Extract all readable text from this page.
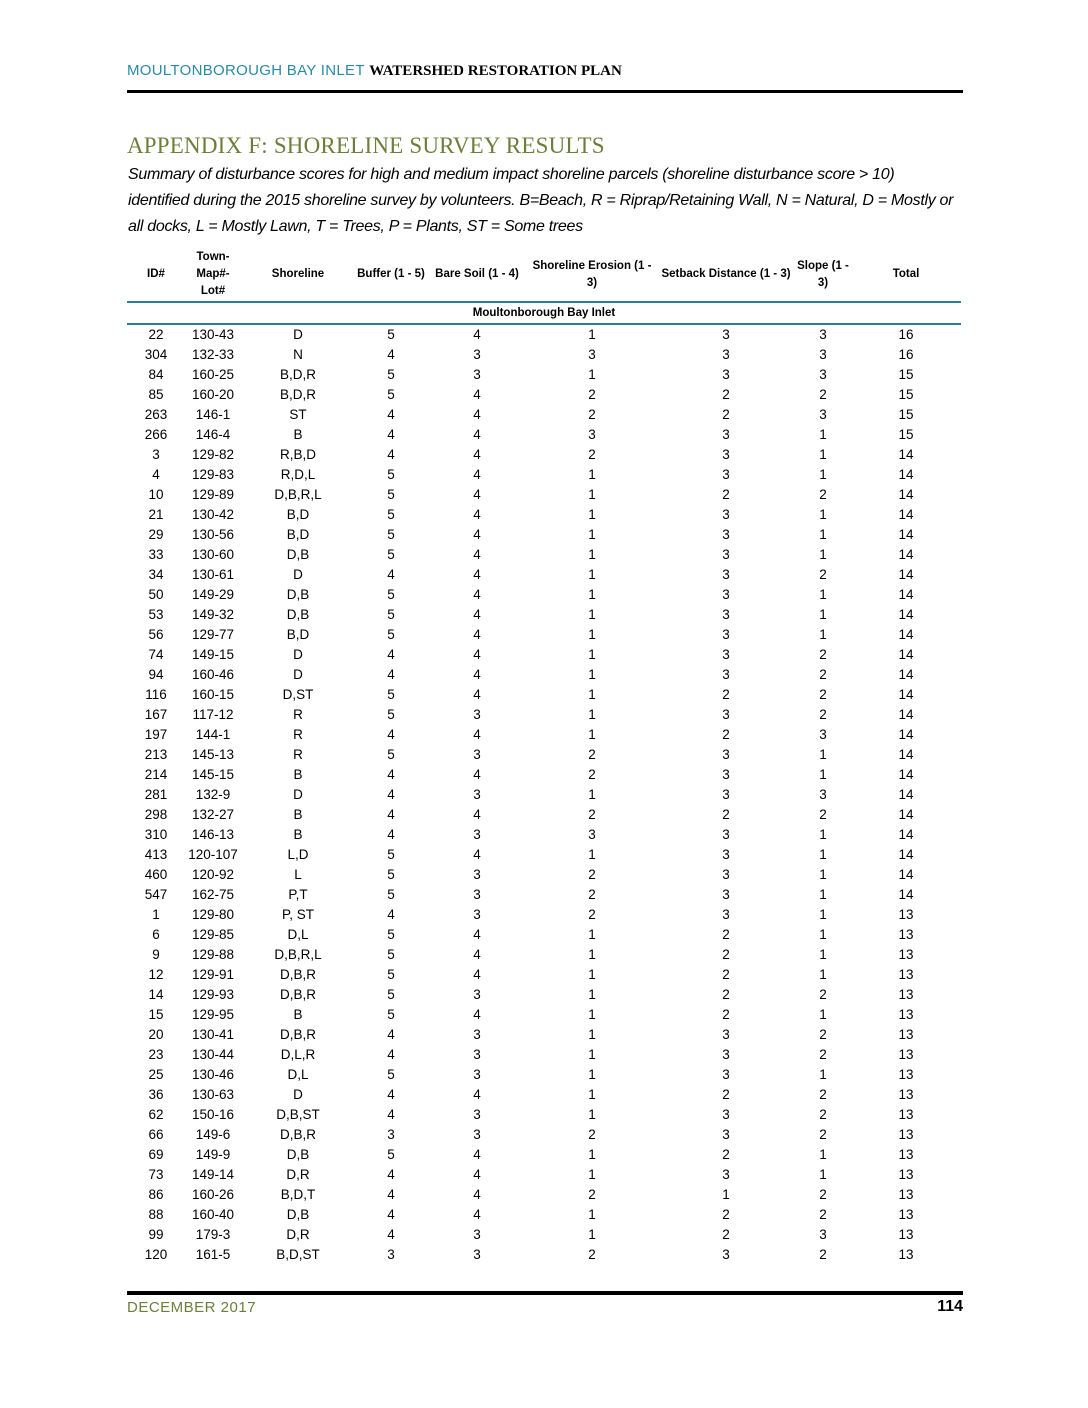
MOULTONBOROUGH BAY INLET WATERSHED RESTORATION PLAN
APPENDIX F: SHORELINE SURVEY RESULTS
Summary of disturbance scores for high and medium impact shoreline parcels (shoreline disturbance score > 10) identified during the 2015 shoreline survey by volunteers. B=Beach, R = Riprap/Retaining Wall, N = Natural, D = Mostly or all docks, L = Mostly Lawn, T = Trees, P = Plants, ST = Some trees
ID#	Town-Map#-Lot#	Shoreline	Buffer (1 - 5)	Bare Soil (1 - 4)	Shoreline Erosion (1 - 3)	Setback Distance (1 - 3)	Slope (1 - 3)	Total
Moultonborough Bay Inlet								
22	130-43	D	5	4	1	3	3	16
304	132-33	N	4	3	3	3	3	16
84	160-25	B,D,R	5	3	1	3	3	15
85	160-20	B,D,R	5	4	2	2	2	15
263	146-1	ST	4	4	2	2	3	15
266	146-4	B	4	4	3	3	1	15
3	129-82	R,B,D	4	4	2	3	1	14
4	129-83	R,D,L	5	4	1	3	1	14
10	129-89	D,B,R,L	5	4	1	2	2	14
21	130-42	B,D	5	4	1	3	1	14
29	130-56	B,D	5	4	1	3	1	14
33	130-60	D,B	5	4	1	3	1	14
34	130-61	D	4	4	1	3	2	14
50	149-29	D,B	5	4	1	3	1	14
53	149-32	D,B	5	4	1	3	1	14
56	129-77	B,D	5	4	1	3	1	14
74	149-15	D	4	4	1	3	2	14
94	160-46	D	4	4	1	3	2	14
116	160-15	D,ST	5	4	1	2	2	14
167	117-12	R	5	3	1	3	2	14
197	144-1	R	4	4	1	2	3	14
213	145-13	R	5	3	2	3	1	14
214	145-15	B	4	4	2	3	1	14
281	132-9	D	4	3	1	3	3	14
298	132-27	B	4	4	2	2	2	14
310	146-13	B	4	3	3	3	1	14
413	120-107	L,D	5	4	1	3	1	14
460	120-92	L	5	3	2	3	1	14
547	162-75	P,T	5	3	2	3	1	14
1	129-80	P, ST	4	3	2	3	1	13
6	129-85	D,L	5	4	1	2	1	13
9	129-88	D,B,R,L	5	4	1	2	1	13
12	129-91	D,B,R	5	4	1	2	1	13
14	129-93	D,B,R	5	3	1	2	2	13
15	129-95	B	5	4	1	2	1	13
20	130-41	D,B,R	4	3	1	3	2	13
23	130-44	D,L,R	4	3	1	3	2	13
25	130-46	D,L	5	3	1	3	1	13
36	130-63	D	4	4	1	2	2	13
62	150-16	D,B,ST	4	3	1	3	2	13
66	149-6	D,B,R	3	3	2	3	2	13
69	149-9	D,B	5	4	1	2	1	13
73	149-14	D,R	4	4	1	3	1	13
86	160-26	B,D,T	4	4	2	1	2	13
88	160-40	D,B	4	4	1	2	2	13
99	179-3	D,R	4	3	1	2	3	13
120	161-5	B,D,ST	3	3	2	3	2	13
DECEMBER 2017	114
